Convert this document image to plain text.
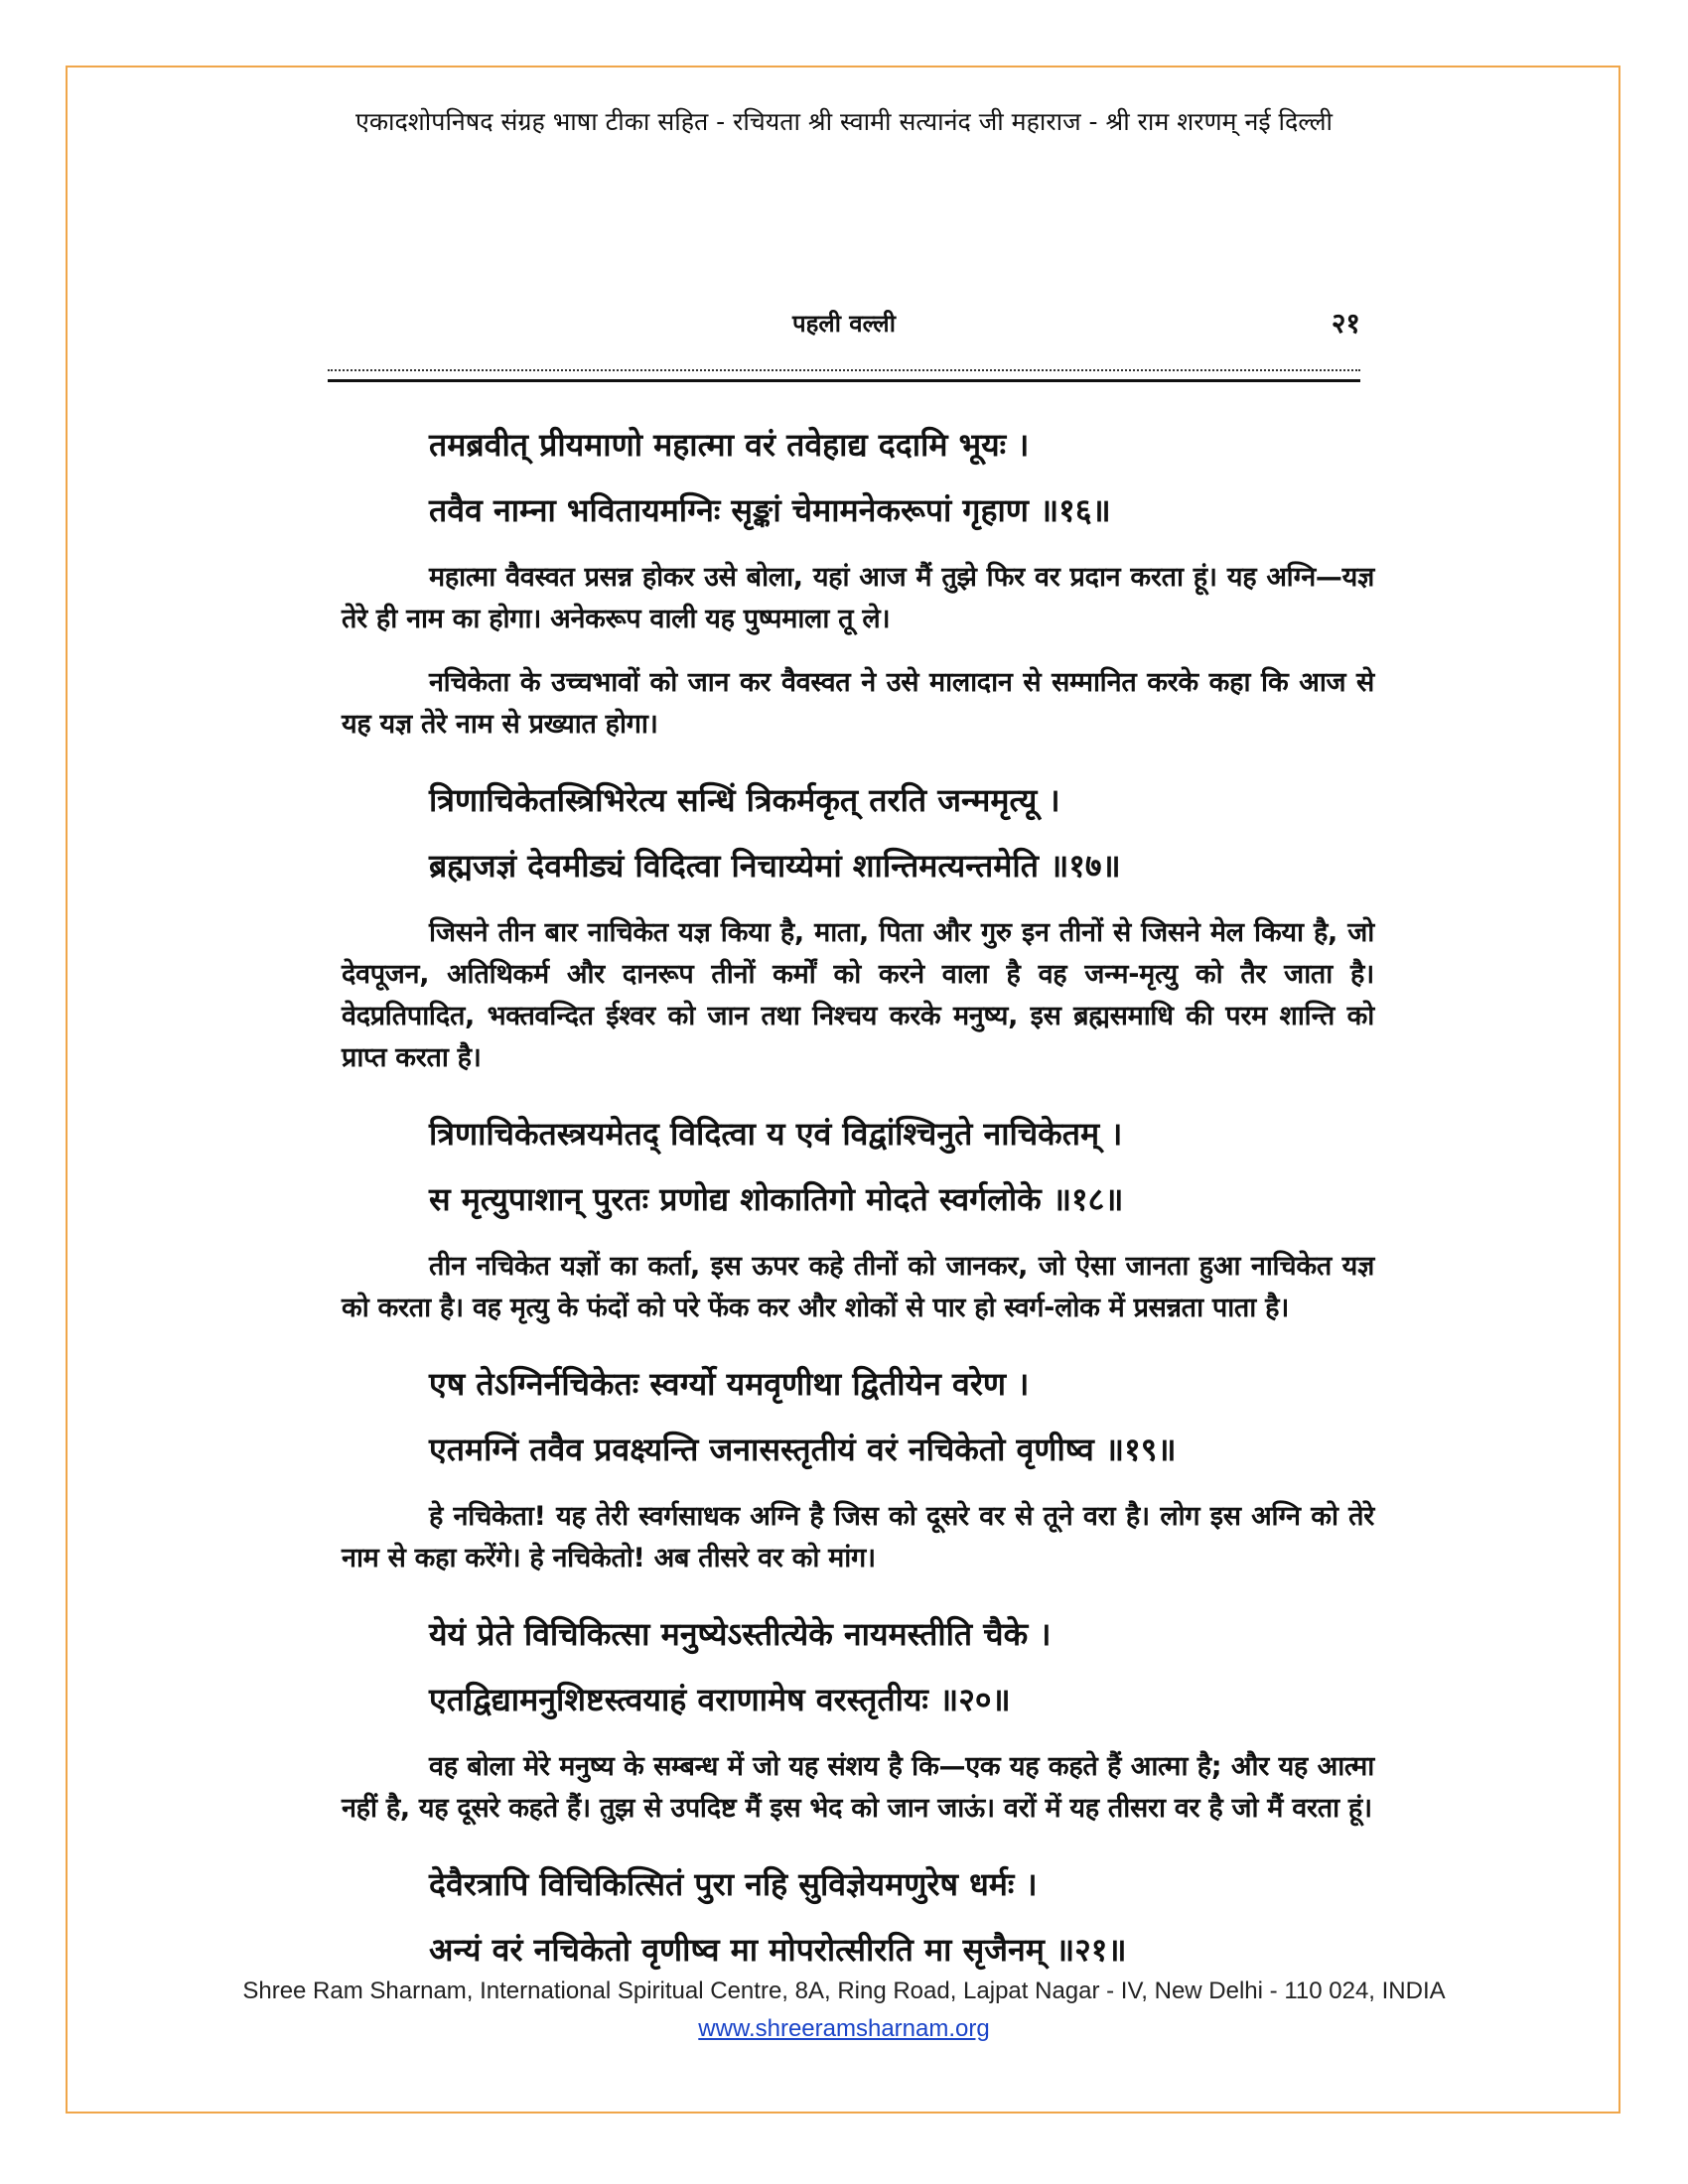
एकादशोपनिषद संग्रह भाषा टीका सहित - रचियता श्री स्वामी सत्यानंद जी महाराज - श्री राम शरणम् नई दिल्ली
पहली वल्ली	२१
तमब्रवीत् प्रीयमाणो महात्मा वरं तवेहाद्य ददामि भूयः ।
तवैव नाम्ना भवितायमग्निः सृङ्कां चेमामनेकरूपां गृहाण ॥१६॥
महात्मा वैवस्वत प्रसन्न होकर उसे बोला, यहां आज मैं तुझे फिर वर प्रदान करता हूं। यह अग्नि—यज्ञ तेरे ही नाम का होगा। अनेकरूप वाली यह पुष्पमाला तू ले।
नचिकेता के उच्चभावों को जान कर वैवस्वत ने उसे मालादान से सम्मानित करके कहा कि आज से यह यज्ञ तेरे नाम से प्रख्यात होगा।
त्रिणाचिकेतस्त्रिभिरेत्य सन्धिं त्रिकर्मकृत् तरति जन्ममृत्यू ।
ब्रह्मजज्ञं देवमीड्यं विदित्वा निचाय्येमां शान्तिमत्यन्तमेति ॥१७॥
जिसने तीन बार नाचिकेत यज्ञ किया है, माता, पिता और गुरु इन तीनों से जिसने मेल किया है, जो देवपूजन, अतिथिकर्म और दानरूप तीनों कर्मों को करने वाला है वह जन्म-मृत्यु को तैर जाता है। वेदप्रतिपादित, भक्तवन्दित ईश्वर को जान तथा निश्चय करके मनुष्य, इस ब्रह्मसमाधि की परम शान्ति को प्राप्त करता है।
त्रिणाचिकेतस्त्रयमेतद् विदित्वा य एवं विद्वांश्चिनुते नाचिकेतम् ।
स मृत्युपाशान् पुरतः प्रणोद्य शोकातिगो मोदते स्वर्गलोके ॥१८॥
तीन नचिकेत यज्ञों का कर्ता, इस ऊपर कहे तीनों को जानकर, जो ऐसा जानता हुआ नाचिकेत यज्ञ को करता है। वह मृत्यु के फंदों को परे फेंक कर और शोकों से पार हो स्वर्ग-लोक में प्रसन्नता पाता है।
एष तेऽग्निर्नचिकेतः स्वर्ग्यो यमवृणीथा द्वितीयेन वरेण ।
एतमग्निं तवैव प्रवक्ष्यन्ति जनासस्तृतीयं वरं नचिकेतो वृणीष्व ॥१९॥
हे नचिकेता! यह तेरी स्वर्गसाधक अग्नि है जिस को दूसरे वर से तूने वरा है। लोग इस अग्नि को तेरे नाम से कहा करेंगे। हे नचिकेतो! अब तीसरे वर को मांग।
येयं प्रेते विचिकित्सा मनुष्येऽस्तीत्येके नायमस्तीति चैके ।
एतद्विद्यामनुशिष्टस्त्वयाहं वराणामेष वरस्तृतीयः ॥२०॥
वह बोला मेरे मनुष्य के सम्बन्ध में जो यह संशय है कि—एक यह कहते हैं आत्मा है; और यह आत्मा नहीं है, यह दूसरे कहते हैं। तुझ से उपदिष्ट मैं इस भेद को जान जाऊं। वरों में यह तीसरा वर है जो मैं वरता हूं।
देवैरत्रापि विचिकित्सितं पुरा नहि सुविज्ञेयमणुरेष धर्मः ।
अन्यं वरं नचिकेतो वृणीष्व मा मोपरोत्सीरति मा सृजैनम् ॥२१॥
Shree Ram Sharnam, International Spiritual Centre, 8A, Ring Road, Lajpat Nagar - IV, New Delhi - 110 024, INDIA
www.shreeramsharnam.org
